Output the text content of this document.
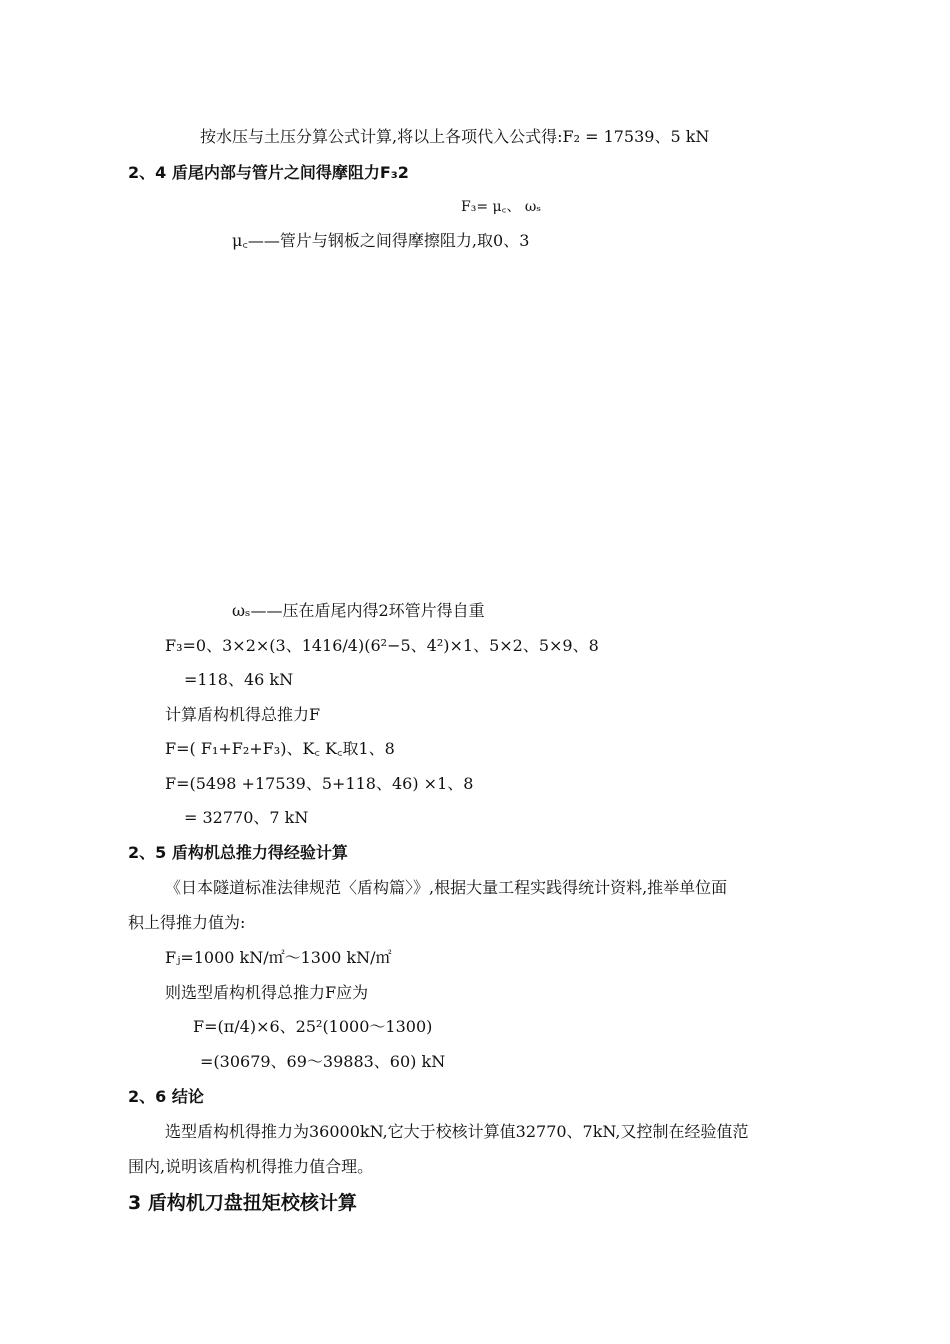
按水压与土压分算公式计算,将以上各项代入公式得:F₂ = 17539、5 kN
2、4 盾尾内部与管片之间得摩阻力F₃2
F₃= μ꜀、 ωₛ
μ꜀——管片与钢板之间得摩擦阻力,取0、3
ωₛ——压在盾尾内得2环管片得自重
F₃=0、3×2×(3、1416/4)(6²−5、4²)×1、5×2、5×9、8
=118、46 kN
计算盾构机得总推力F
F=( F₁+F₂+F₃)、K꜀ K꜀取1、8
F=(5498 +17539、5+118、46) ×1、8
= 32770、7 kN
2、5 盾构机总推力得经验计算
《日本隧道标准法律规范〈盾构篇〉》,根据大量工程实践得统计资料,推举单位面
积上得推力值为:
Fⱼ=1000 kN/㎡～1300 kN/㎡
则选型盾构机得总推力F应为
F=(π/4)×6、25²(1000～1300)
=(30679、69～39883、60) kN
2、6 结论
选型盾构机得推力为36000kN,它大于校核计算值32770、7kN,又控制在经验值范
围内,说明该盾构机得推力值合理。
3 盾构机刀盘扭矩校核计算
